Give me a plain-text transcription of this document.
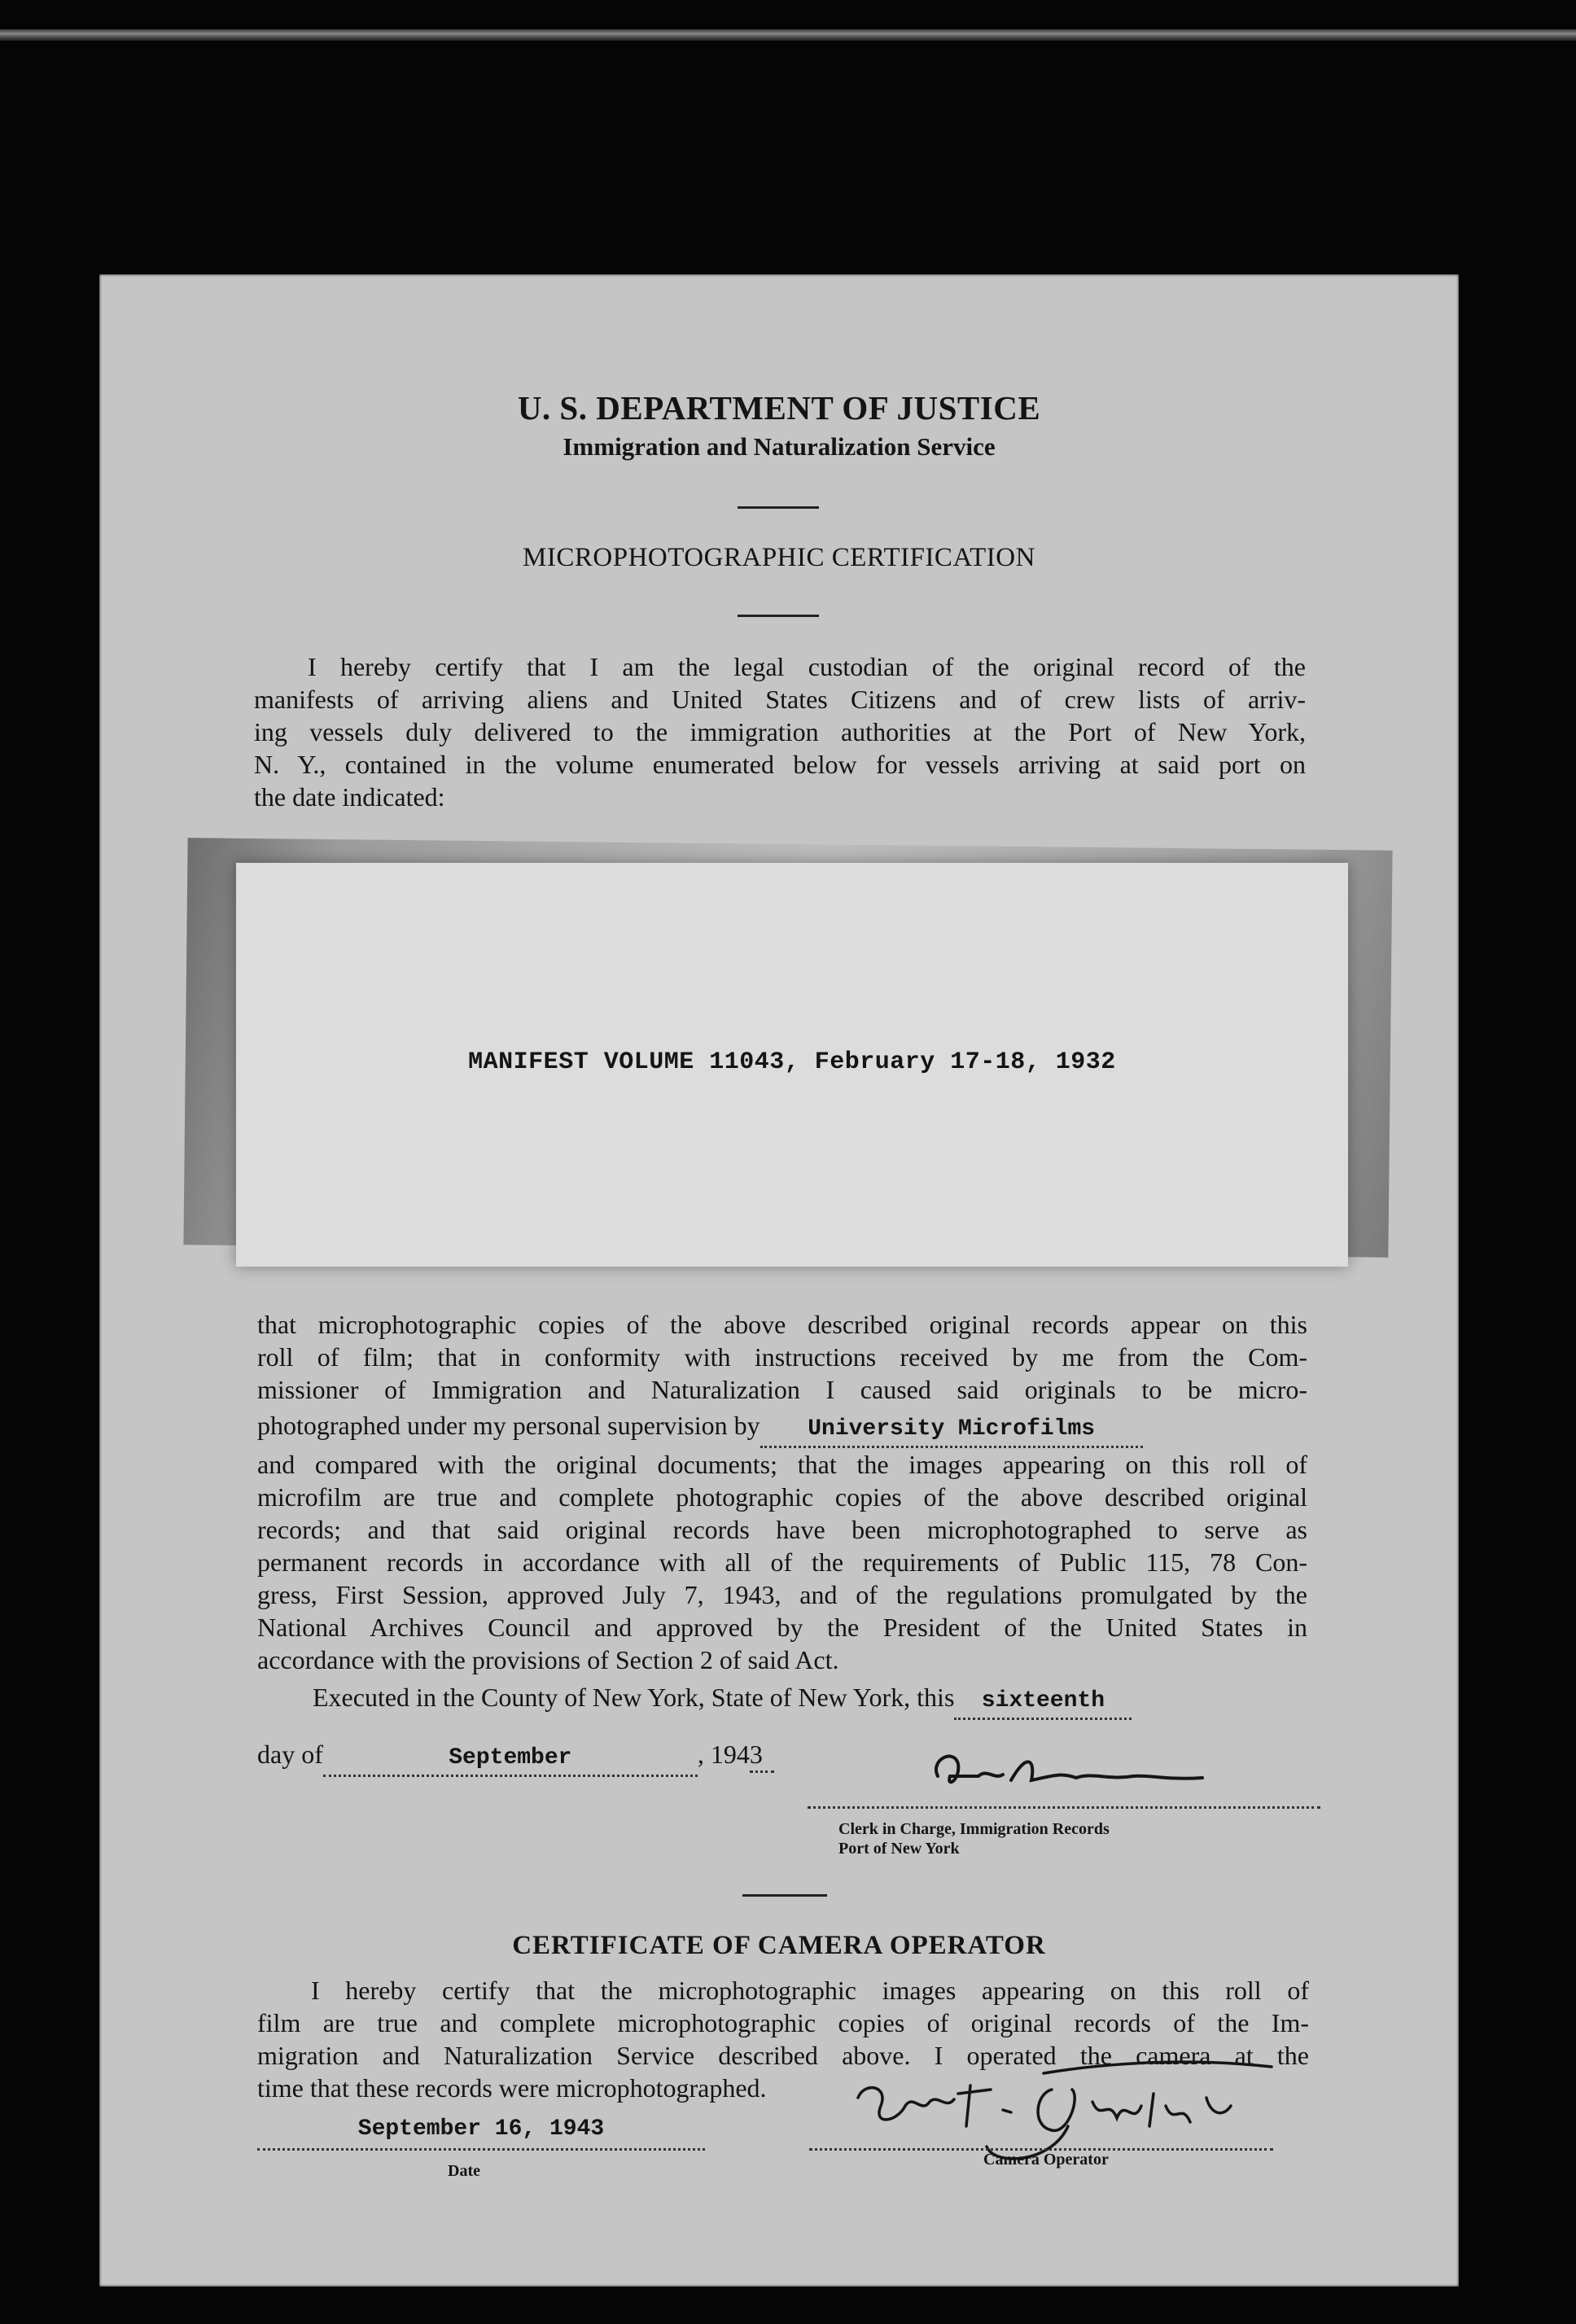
U. S. DEPARTMENT OF JUSTICE
Immigration and Naturalization Service
MICROPHOTOGRAPHIC CERTIFICATION

I hereby certify that I am the legal custodian of the original record of the

manifests of arriving aliens and United States Citizens and of crew lists of arriv-

ing vessels duly delivered to the immigration authorities at the Port of New York,

N. Y., contained in the volume enumerated below for vessels arriving at said port on

the date indicated:

MANIFEST VOLUME 11043, February 17-18, 1932

that microphotographic copies of the above described original records appear on this

roll of film; that in conformity with instructions received by me from the Com-

missioner of Immigration and Naturalization I caused said originals to be micro-

photographed under my personal supervision by University Microfilms

and compared with the original documents; that the images appearing on this roll of

microfilm are true and complete photographic copies of the above described original

records; and that said original records have been microphotographed to serve as

permanent records in accordance with all of the requirements of Public 115, 78 Con-

gress, First Session, approved July 7, 1943, and of the regulations promulgated by the

National Archives Council and approved by the President of the United States in

accordance with the provisions of Section 2 of said Act.

Executed in the County of New York, State of New York, this sixteenth
day of	September	, 1943
Clerk in Charge, Immigration Records
Port of New York
CERTIFICATE OF CAMERA OPERATOR

I hereby certify that the microphotographic images appearing on this roll of

film are true and complete microphotographic copies of original records of the Im-

migration and Naturalization Service described above. I operated the camera at the

time that these records were microphotographed.

September 16, 1943
Date
Camera Operator
